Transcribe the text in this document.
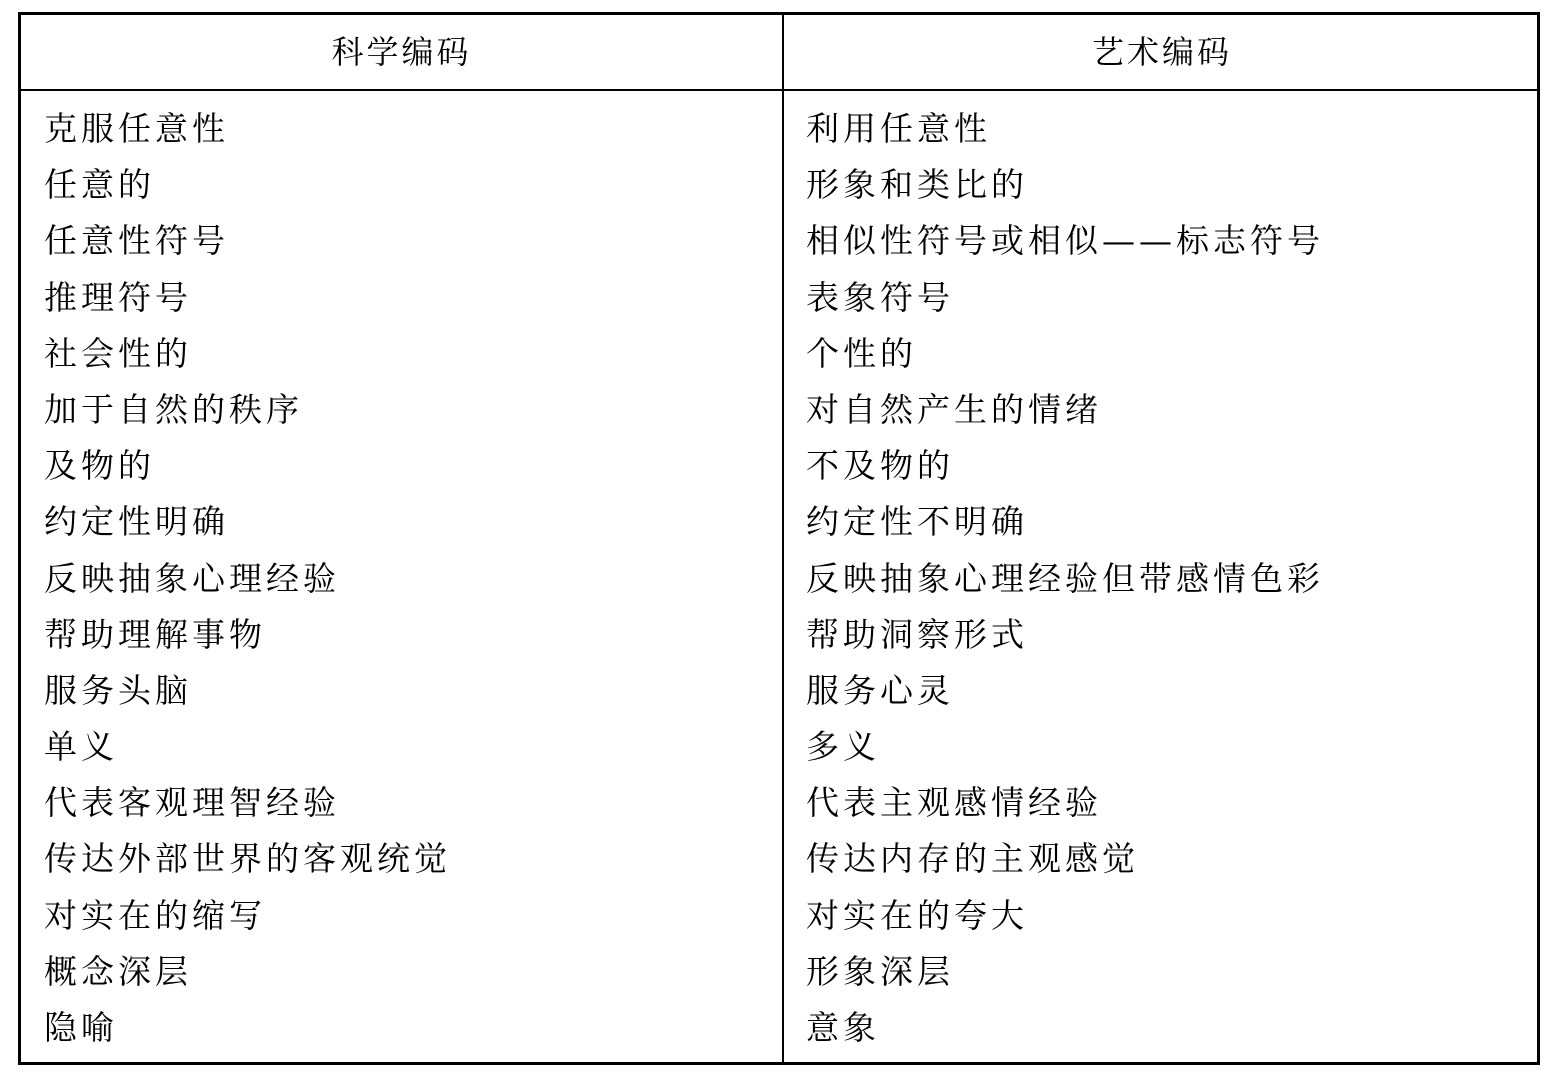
科学编码	艺术编码
克服任意性
任意的
任意性符号
推理符号
社会性的
加于自然的秩序
及物的
约定性明确
反映抽象心理经验
帮助理解事物
服务头脑
单义
代表客观理智经验
传达外部世界的客观统觉
对实在的缩写
概念深层
隐喻
利用任意性
形象和类比的
相似性符号或相似——标志符号
表象符号
个性的
对自然产生的情绪
不及物的
约定性不明确
反映抽象心理经验但带感情色彩
帮助洞察形式
服务心灵
多义
代表主观感情经验
传达内存的主观感觉
对实在的夸大
形象深层
意象
